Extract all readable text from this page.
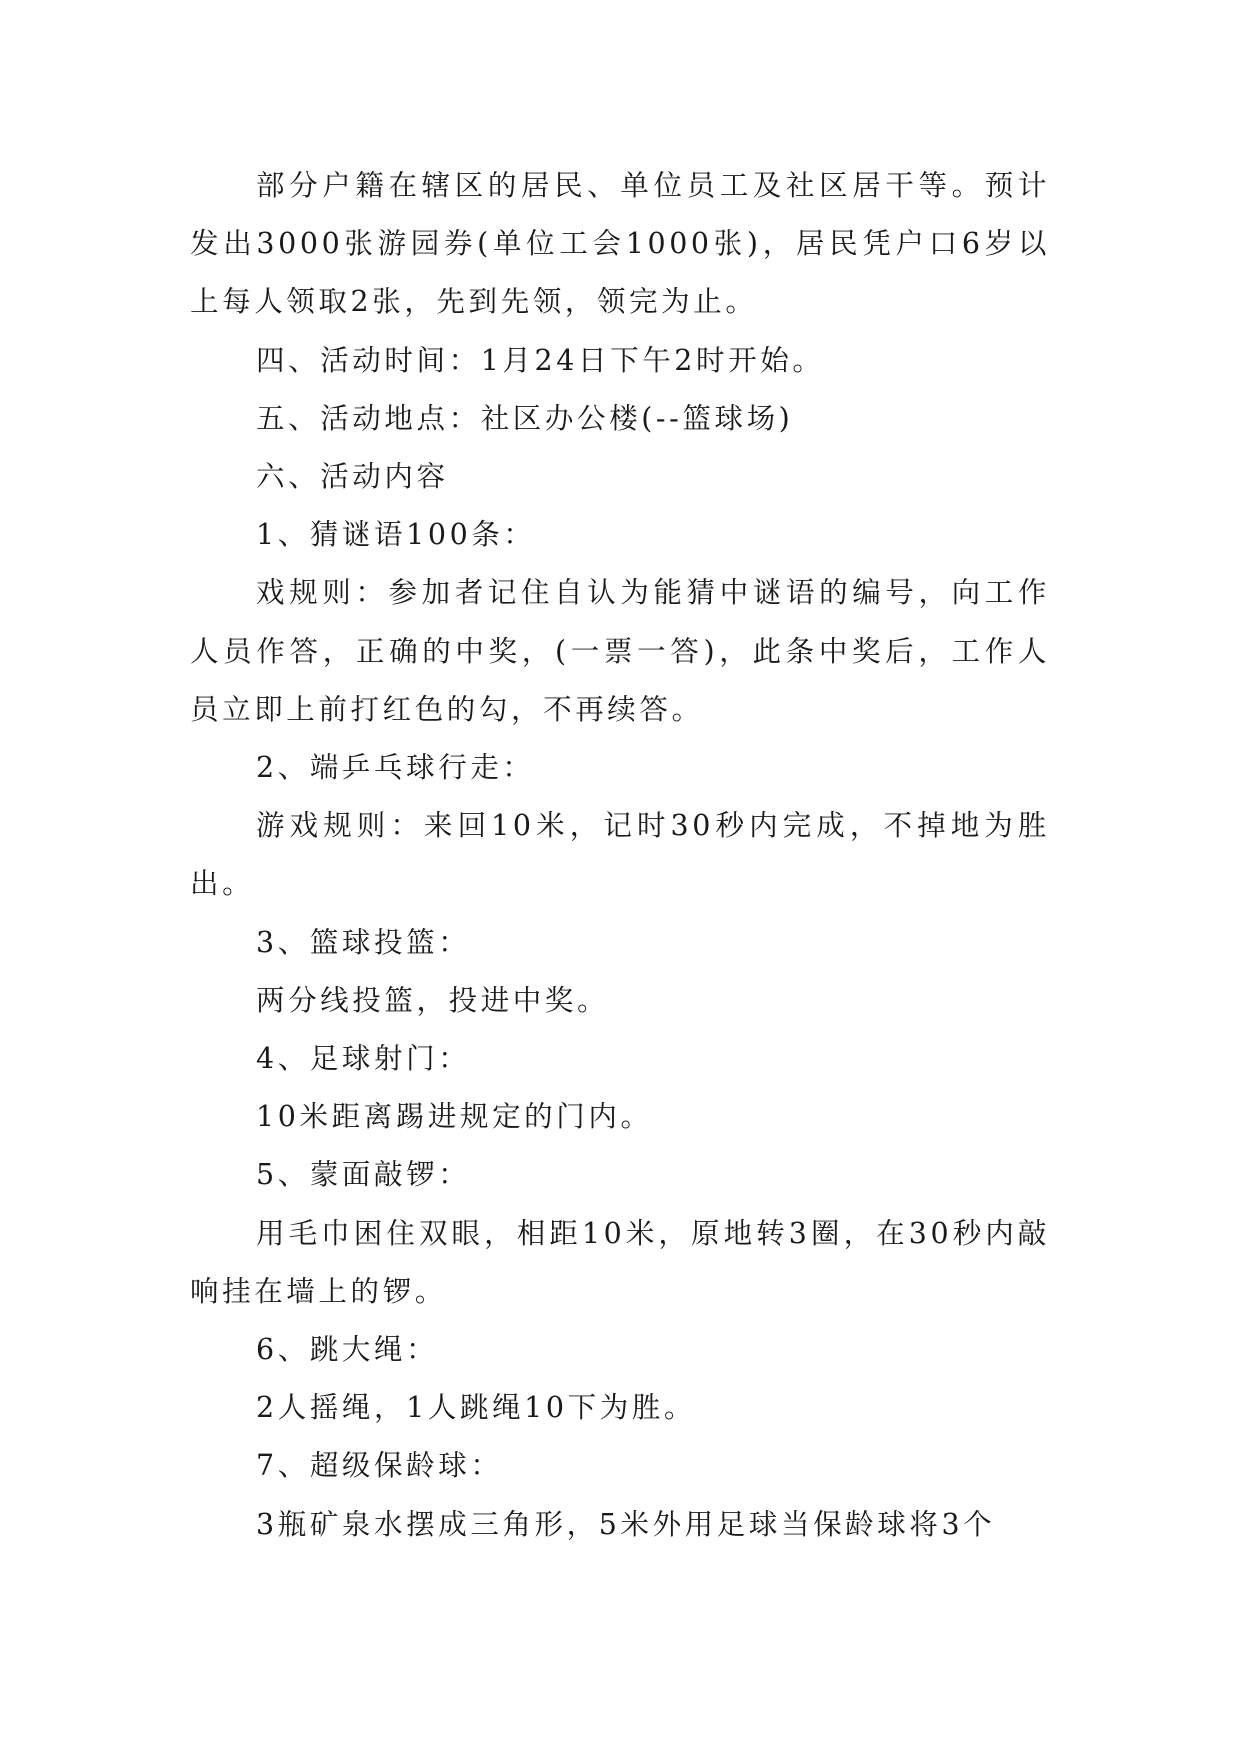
部分户籍在辖区的居民、单位员工及社区居干等。预计发出3000张游园券(单位工会1000张)，居民凭户口6岁以上每人领取2张，先到先领，领完为止。

四、活动时间：1月24日下午2时开始。

五、活动地点：社区办公楼(--篮球场)

六、活动内容

1、猜谜语100条：

戏规则：参加者记住自认为能猜中谜语的编号，向工作人员作答，正确的中奖，(一票一答)，此条中奖后，工作人员立即上前打红色的勾，不再续答。

2、端乒乓球行走：

游戏规则：来回10米，记时30秒内完成，不掉地为胜出。

3、篮球投篮：

两分线投篮，投进中奖。

4、足球射门：

10米距离踢进规定的门内。

5、蒙面敲锣：

用毛巾困住双眼，相距10米，原地转3圈，在30秒内敲响挂在墙上的锣。

6、跳大绳：

2人摇绳，1人跳绳10下为胜。

7、超级保龄球：

3瓶矿泉水摆成三角形，5米外用足球当保龄球将3个
